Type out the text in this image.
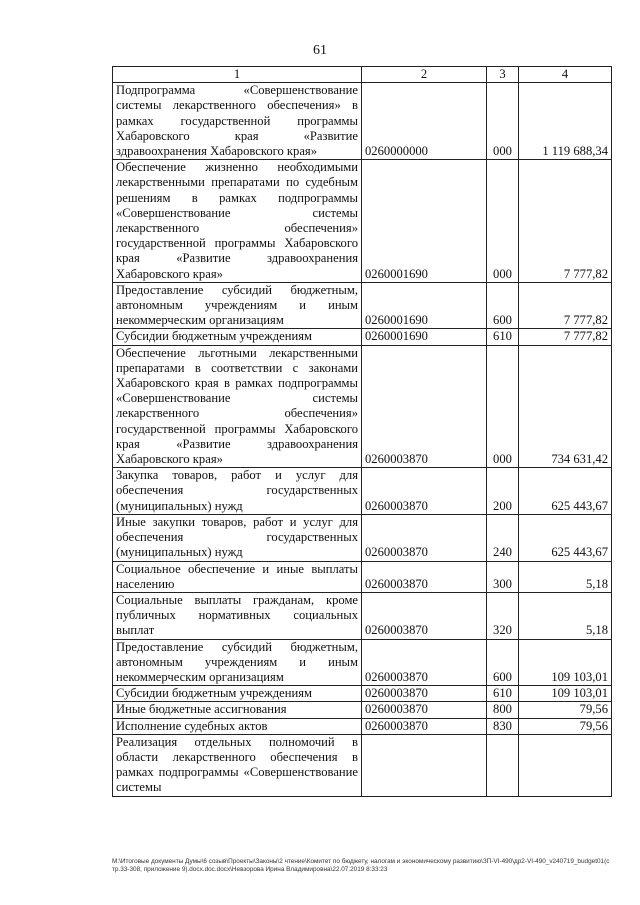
61
1	2	3	4
Подпрограмма «Совершенствование системы лекарственного обеспечения» в рамках государственной программы Хабаровского края «Развитие здравоохранения Хабаровского края»	0260000000	000	1 119 688,34
Обеспечение жизненно необходимыми лекарственными препаратами по судебным решениям в рамках подпрограммы «Совершенствование системы лекарственного обеспечения» государственной программы Хабаровского края «Развитие здравоохранения Хабаровского края»	0260001690	000	7 777,82
Предоставление субсидий бюджетным, автономным учреждениям и иным некоммерческим организациям	0260001690	600	7 777,82
Субсидии бюджетным учреждениям	0260001690	610	7 777,82
Обеспечение льготными лекарственными препаратами в соответствии с законами Хабаровского края в рамках подпрограммы «Совершенствование системы лекарственного обеспечения» государственной программы Хабаровского края «Развитие здравоохранения Хабаровского края»	0260003870	000	734 631,42
Закупка товаров, работ и услуг для обеспечения государственных (муниципальных) нужд	0260003870	200	625 443,67
Иные закупки товаров, работ и услуг для обеспечения государственных (муниципальных) нужд	0260003870	240	625 443,67
Социальное обеспечение и иные выплаты населению	0260003870	300	5,18
Социальные выплаты гражданам, кроме публичных нормативных социальных выплат	0260003870	320	5,18
Предоставление субсидий бюджетным, автономным учреждениям и иным некоммерческим организациям	0260003870	600	109 103,01
Субсидии бюджетным учреждениям	0260003870	610	109 103,01
Иные бюджетные ассигнования	0260003870	800	79,56
Исполнение судебных актов	0260003870	830	79,56
Реализация отдельных полномочий в области лекарственного обеспечения в рамках подпрограммы «Совершенствование системы			
M:\Итоговые документы Думы\6 созыв\Проекты\Законы\2 чтение\Комитет по бюджету, налогам и экономическому развитию\ЗП-VI-490\др2-VI-490_v240719_budget01(стр.33-308, приложение 9).docx.doc.docx\Невзорова Ирина Владимировна\22.07.2019 8:33:23
